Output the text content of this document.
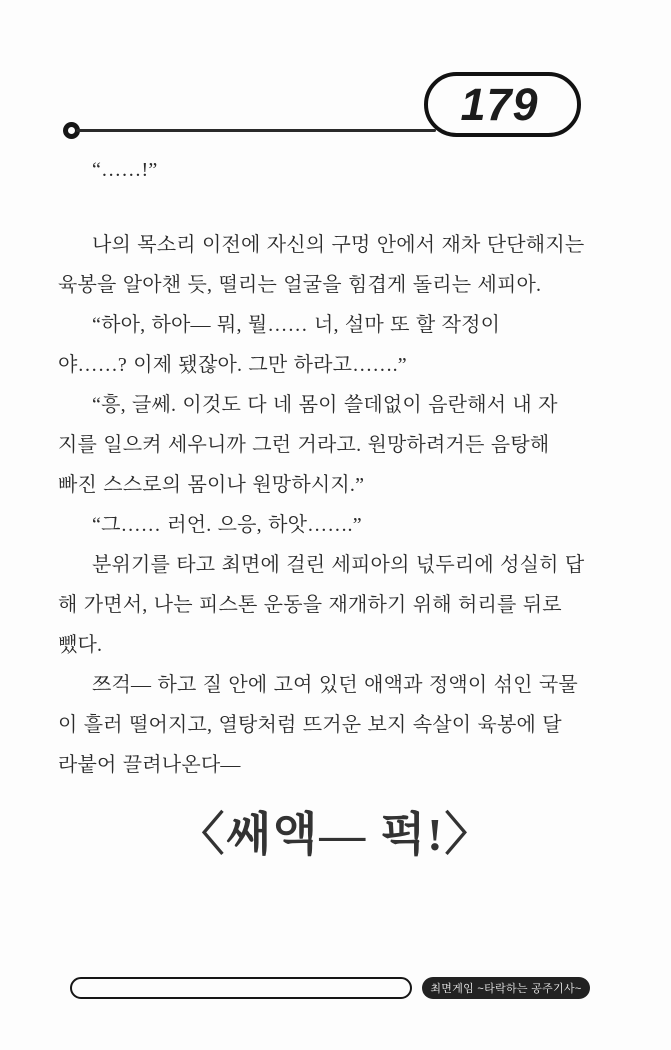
179
“……!”
나의 목소리 이전에 자신의 구멍 안에서 재차 단단해지는
육봉을 알아챈 듯, 떨리는 얼굴을 힘겹게 돌리는 세피아.
“하아, 하아— 뭐, 뭘…… 너, 설마 또 할 작정이
야……? 이제 됐잖아. 그만 하라고…….”
“흥, 글쎄. 이것도 다 네 몸이 쓸데없이 음란해서 내 자
지를 일으켜 세우니까 그런 거라고. 원망하려거든 음탕해
빠진 스스로의 몸이나 원망하시지.”
“그…… 러언. 으응, 하앗…….”
분위기를 타고 최면에 걸린 세피아의 넋두리에 성실히 답
해 가면서, 나는 피스톤 운동을 재개하기 위해 허리를 뒤로
뺐다.
쯔걱— 하고 질 안에 고여 있던 애액과 정액이 섞인 국물
이 흘러 떨어지고, 열탕처럼 뜨거운 보지 속살이 육봉에 달
라붙어 끌려나온다—
〈쌔액— 퍽!〉
최면게임 ~타락하는 공주기사~
